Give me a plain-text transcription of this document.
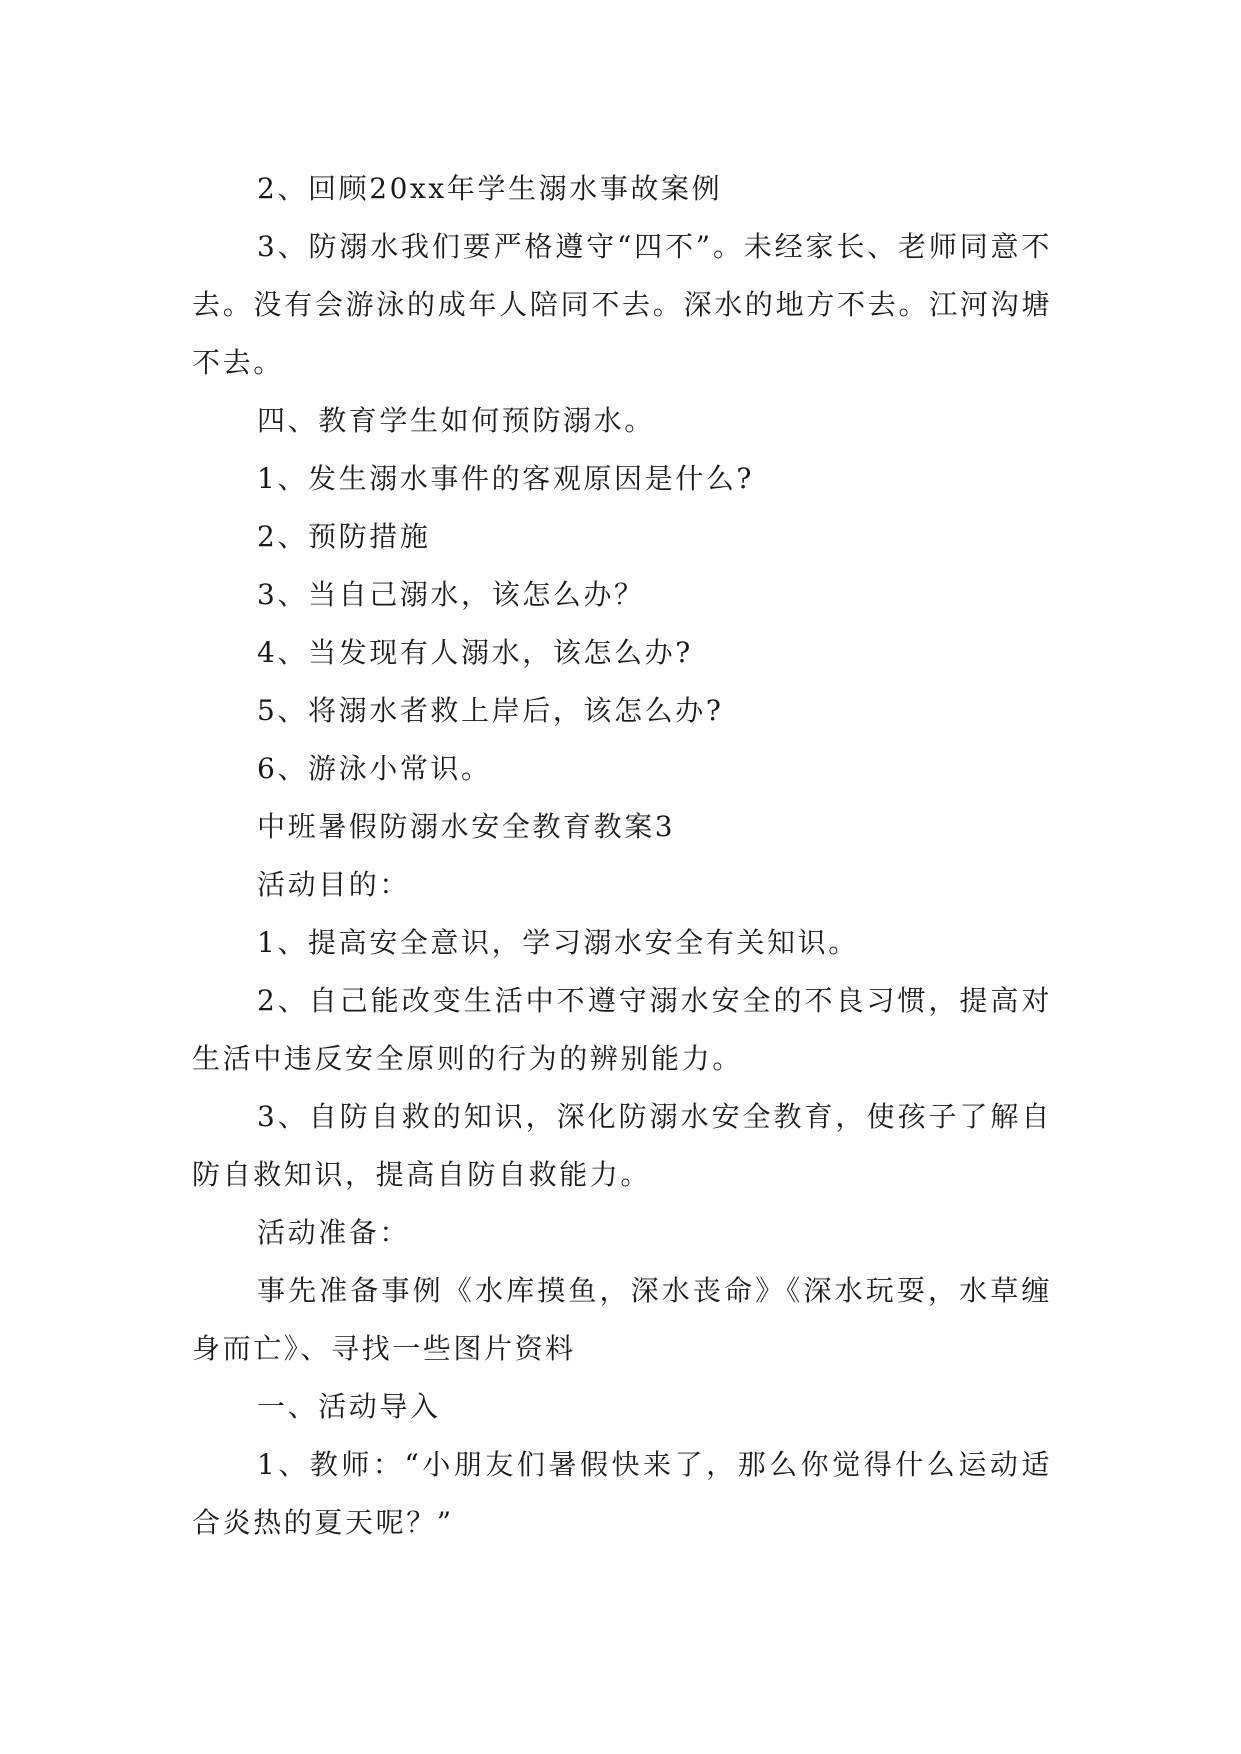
2、回顾20xx年学生溺水事故案例

3、防溺水我们要严格遵守“四不”。未经家长、老师同意不去。没有会游泳的成年人陪同不去。深水的地方不去。江河沟塘不去。

四、教育学生如何预防溺水。

1、发生溺水事件的客观原因是什么?

2、预防措施

3、当自己溺水，该怎么办？

4、当发现有人溺水，该怎么办?

5、将溺水者救上岸后，该怎么办?

6、游泳小常识。

中班暑假防溺水安全教育教案3

活动目的：

1、提高安全意识，学习溺水安全有关知识。

2、自己能改变生活中不遵守溺水安全的不良习惯，提高对生活中违反安全原则的行为的辨别能力。

3、自防自救的知识，深化防溺水安全教育，使孩子了解自防自救知识，提高自防自救能力。

活动准备：

事先准备事例《水库摸鱼，深水丧命》《深水玩耍，水草缠身而亡》、寻找一些图片资料

一、活动导入

1、教师：“小朋友们暑假快来了，那么你觉得什么运动适合炎热的夏天呢？”
